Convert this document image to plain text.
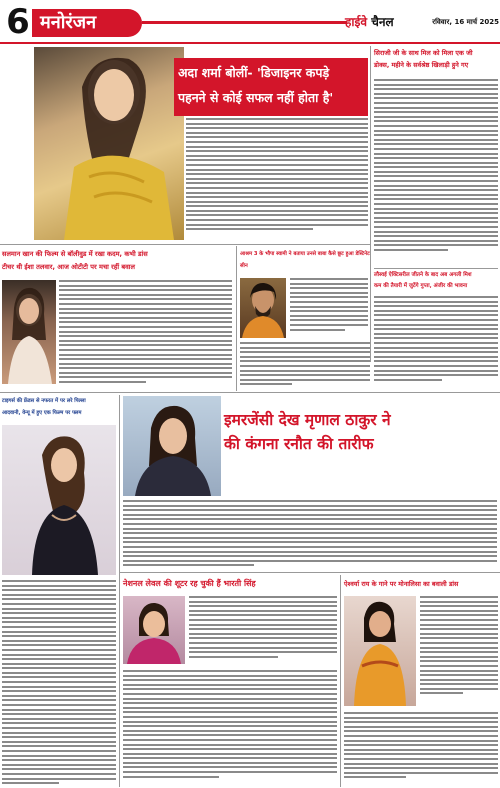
6 मनोरंजन	हाईवे चैनल	रविवार, 16 मार्च 2025
अदा शर्मा बोलीं- 'डिजाइनर कपड़े
पहनने से कोई सफल नहीं होता है'
सिराजी जी के साथ मिल को मिला एक जी
डोक्स, महीने के सर्वश्रेष्ठ खिलाड़ी हुने गए
लौस्वई ऐक्टिसरील जीतने के बाद अब अगली मिश
कम की तैयारी में जुटेंगे गुप्ता, अंजीर की भावना
सलमान खान की फिल्म से बॉलीवुड में रखा कदम, कभी डांस
टीचर थी ईशा तलवार, आज ओटीटी पर मचा रहीं बवाल
आश्रम 3 के भौपा स्वामी ने बताया उनसे बाबा कैसे छूट हुआ डेस्टिनेट सीन
टाइगर्स की फ्रेंडस से नफरत में पर लरे पिल्ला
आदवानी, वेन्यू में हुए एक फिल्म पर फ्लम	इमरजेंसी देख मृणाल ठाकुर ने
की कंगना रनौत की तारीफ
नेशनल लेवल की शूटर रह चुकी हैं भारती सिंह	ऐश्वर्या राय के गाने पर मोनालिसा का बवाली डांस
